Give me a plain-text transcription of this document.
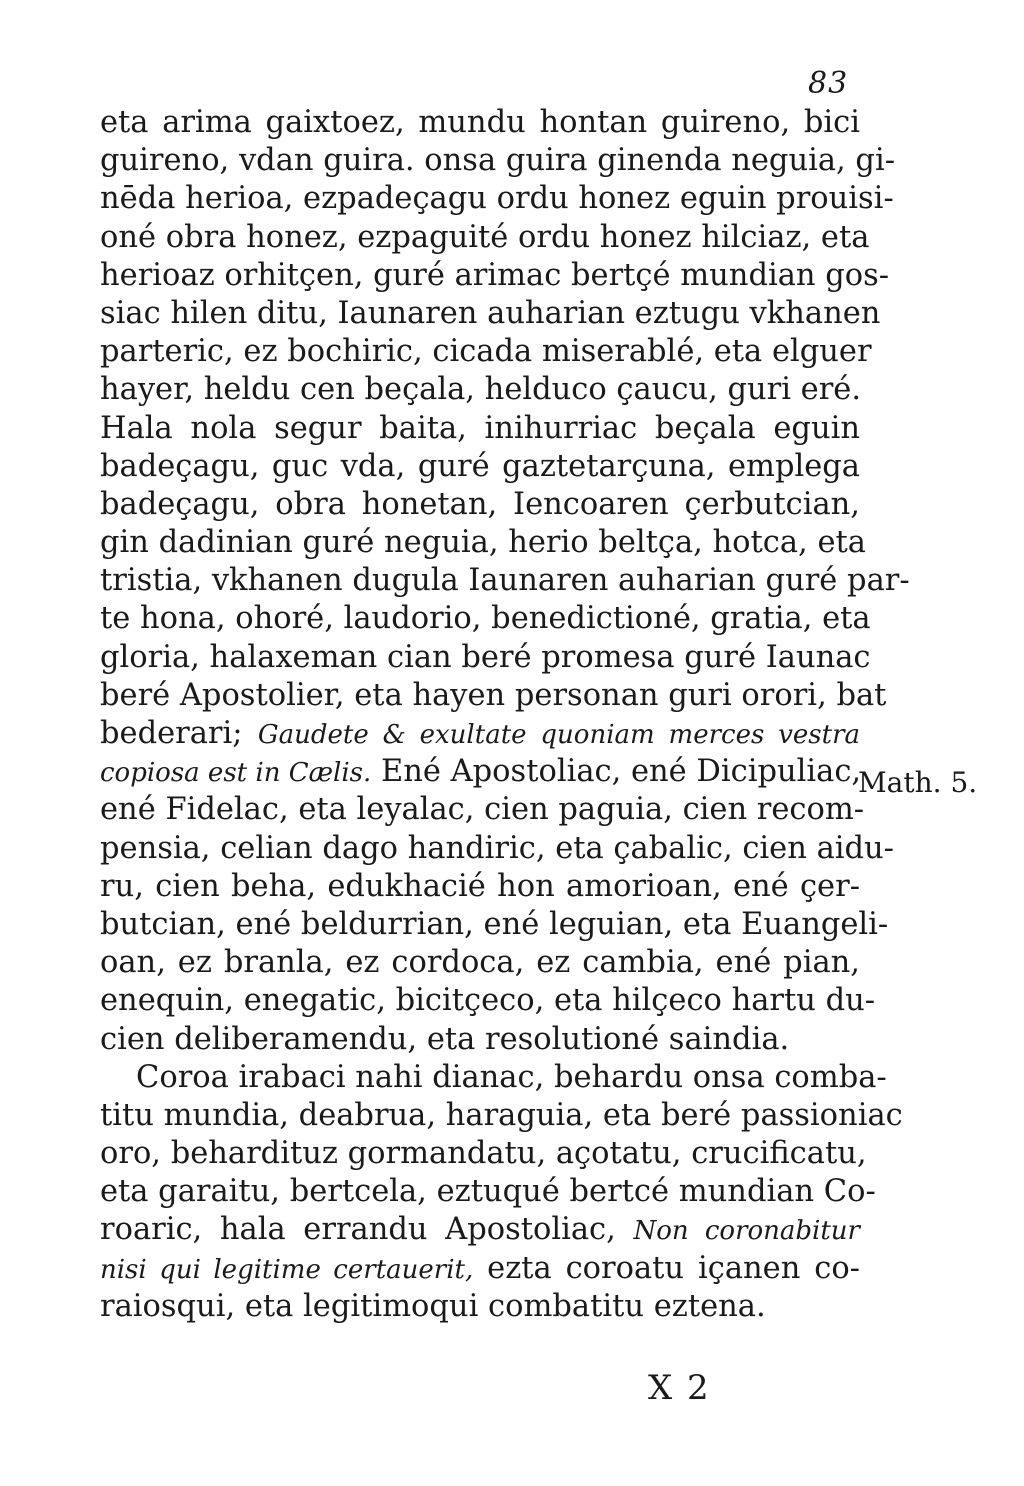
83
eta arima gaixtoez, mundu hontan guireno, bici
guireno, vdan guira. onsa guira ginenda neguia, gi-
nēda herioa, ezpadeçagu ordu honez eguin prouisi-
oné obra honez, ezpaguité ordu honez hilciaz, eta
herioaz orhitçen, guré arimac bertçé mundian gos-
siac hilen ditu, Iaunaren auharian eztugu vkhanen
parteric, ez bochiric, cicada miserablé, eta elguer
hayer, heldu cen beçala, helduco çaucu, guri eré.
Hala nola segur baita, inihurriac beçala eguin
badeçagu, guc vda, guré gaztetarçuna, emplega
badeçagu, obra honetan, Iencoaren çerbutcian,
gin dadinian guré neguia, herio beltça, hotca, eta
tristia, vkhanen dugula Iaunaren auharian guré par-
te hona, ohoré, laudorio, benedictioné, gratia, eta
gloria, halaxeman cian beré promesa guré Iaunac
beré Apostolier, eta hayen personan guri orori, bat
bederari; Gaudete & exultate quoniam merces vestra
copiosa est in Cælis. Ené Apostoliac, ené Dicipuliac,
ené Fidelac, eta leyalac, cien paguia, cien recom-
pensia, celian dago handiric, eta çabalic, cien aidu-
ru, cien beha, edukhacié hon amorioan, ené çer-
butcian, ené beldurrian, ené leguian, eta Euangeli-
oan, ez branla, ez cordoca, ez cambia, ené pian,
enequin, enegatic, bicitçeco, eta hilçeco hartu du-
cien deliberamendu, eta resolutioné saindia.
Coroa irabaci nahi dianac, behardu onsa comba-
titu mundia, deabrua, haraguia, eta beré passioniac
oro, behardituz gormandatu, açotatu, crucificatu,
eta garaitu, bertcela, eztuqué bertcé mundian Co-
roaric, hala errandu Apostoliac, Non coronabitur
nisi qui legitime certauerit, ezta coroatu içanen co-
raiosqui, eta legitimoqui combatitu eztena.
Math. 5.
X 2
